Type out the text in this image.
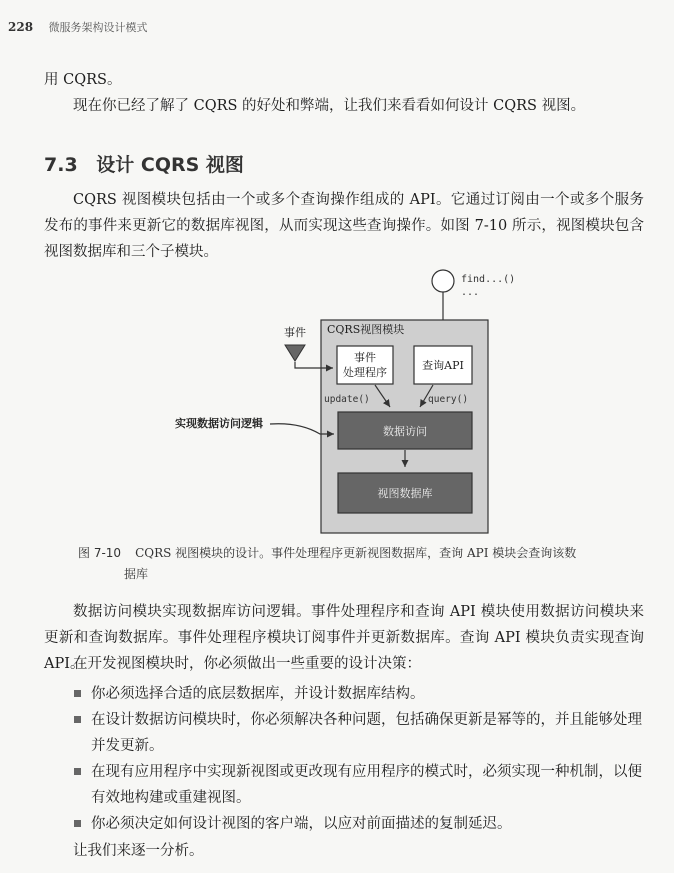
228 微服务架构设计模式
用 CQRS。
现在你已经了解了 CQRS 的好处和弊端，让我们来看看如何设计 CQRS 视图。
7.3 设计 CQRS 视图
CQRS 视图模块包括由一个或多个查询操作组成的 API。它通过订阅由一个或多个服务发布的事件来更新它的数据库视图，从而实现这些查询操作。如图 7-10 所示，视图模块包含视图数据库和三个子模块。
find...()
...
CQRS视图模块
事件
事件
处理程序
查询API
update()	query()
数据访问
实现数据访问逻辑
视图数据库
图 7-10 CQRS 视图模块的设计。事件处理程序更新视图数据库，查询 API 模块会查询该数
据库
数据访问模块实现数据库访问逻辑。事件处理程序和查询 API 模块使用数据访问模块来更新和查询数据库。事件处理程序模块订阅事件并更新数据库。查询 API 模块负责实现查询 API。
在开发视图模块时，你必须做出一些重要的设计决策：
你必须选择合适的底层数据库，并设计数据库结构。
在设计数据访问模块时，你必须解决各种问题，包括确保更新是幂等的，并且能够处理并发更新。
在现有应用程序中实现新视图或更改现有应用程序的模式时，必须实现一种机制，以便有效地构建或重建视图。
你必须决定如何设计视图的客户端，以应对前面描述的复制延迟。
让我们来逐一分析。
